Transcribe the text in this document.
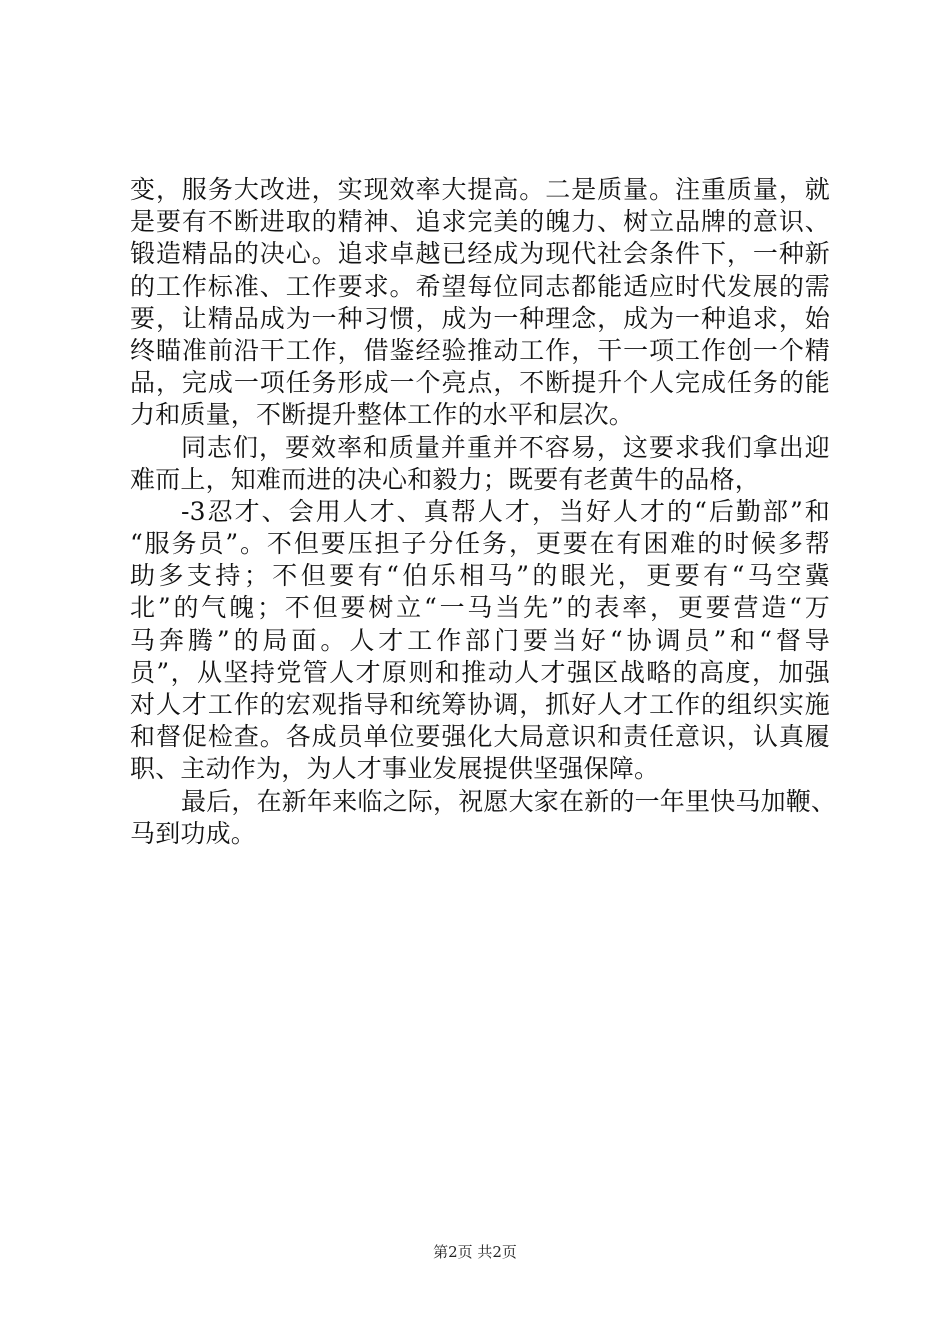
变，服务大改进，实现效率大提高。二是质量。注重质量，就
是要有不断进取的精神、追求完美的魄力、树立品牌的意识、
锻造精品的决心。追求卓越已经成为现代社会条件下，一种新
的工作标准、工作要求。希望每位同志都能适应时代发展的需
要，让精品成为一种习惯，成为一种理念，成为一种追求，始
终瞄准前沿干工作，借鉴经验推动工作，干一项工作创一个精
品，完成一项任务形成一个亮点，不断提升个人完成任务的能
力和质量，不断提升整体工作的水平和层次。
同志们，要效率和质量并重并不容易，这要求我们拿出迎
难而上，知难而进的决心和毅力；既要有老黄牛的品格，
-3忍才、会用人才、真帮人才，当好人才的“后勤部”和
“服务员”。不但要压担子分任务，更要在有困难的时候多帮
助多支持；不但要有“伯乐相马”的眼光，更要有“马空冀
北”的气魄；不但要树立“一马当先”的表率，更要营造“万
马奔腾”的局面。人才工作部门要当好“协调员”和“督导
员”，从坚持党管人才原则和推动人才强区战略的高度，加强
对人才工作的宏观指导和统筹协调，抓好人才工作的组织实施
和督促检查。各成员单位要强化大局意识和责任意识，认真履
职、主动作为，为人才事业发展提供坚强保障。
最后，在新年来临之际，祝愿大家在新的一年里快马加鞭、
马到功成。
第2页 共2页
